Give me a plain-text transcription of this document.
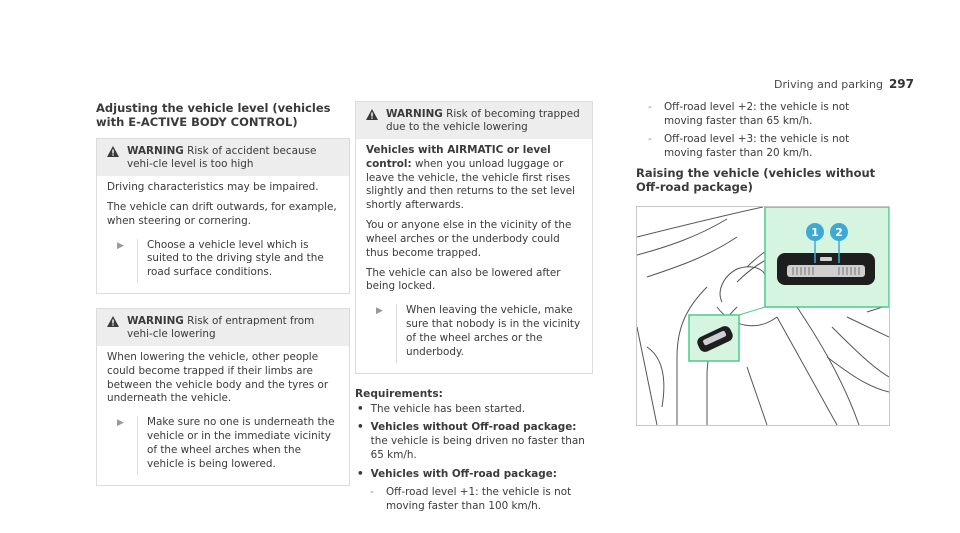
Driving and parking 297
Adjusting the vehicle level (vehicles with E-ACTIVE BODY CONTROL)
WARNING Risk of accident because vehi-cle level is too high

Driving characteristics may be impaired.

The vehicle can drift outwards, for example, when steering or cornering.

▶	Choose a vehicle level which is suited to the driving style and the road surface conditions.
WARNING Risk of entrapment from vehi-cle lowering

When lowering the vehicle, other people could become trapped if their limbs are between the vehicle body and the tyres or underneath the vehicle.

▶	Make sure no one is underneath the vehicle or in the immediate vicinity of the wheel arches when the vehicle is being lowered.
WARNING Risk of becoming trapped due to the vehicle lowering

Vehicles with AIRMATIC or level control: when you unload luggage or leave the vehicle, the vehicle first rises slightly and then returns to the set level shortly afterwards.

You or anyone else in the vicinity of the wheel arches or the underbody could thus become trapped.

The vehicle can also be lowered after being locked.

▶	When leaving the vehicle, make sure that nobody is in the vicinity of the wheel arches or the underbody.
Requirements:
• The vehicle has been started.
• Vehicles without Off-road package: the vehicle is being driven no faster than 65 km/h.
• Vehicles with Off-road package:
- Off-road level +1: the vehicle is not moving faster than 100 km/h.
- Off-road level +2: the vehicle is not moving faster than 65 km/h.
- Off-road level +3: the vehicle is not moving faster than 20 km/h.
Raising the vehicle (vehicles without Off-road package)
1 2
